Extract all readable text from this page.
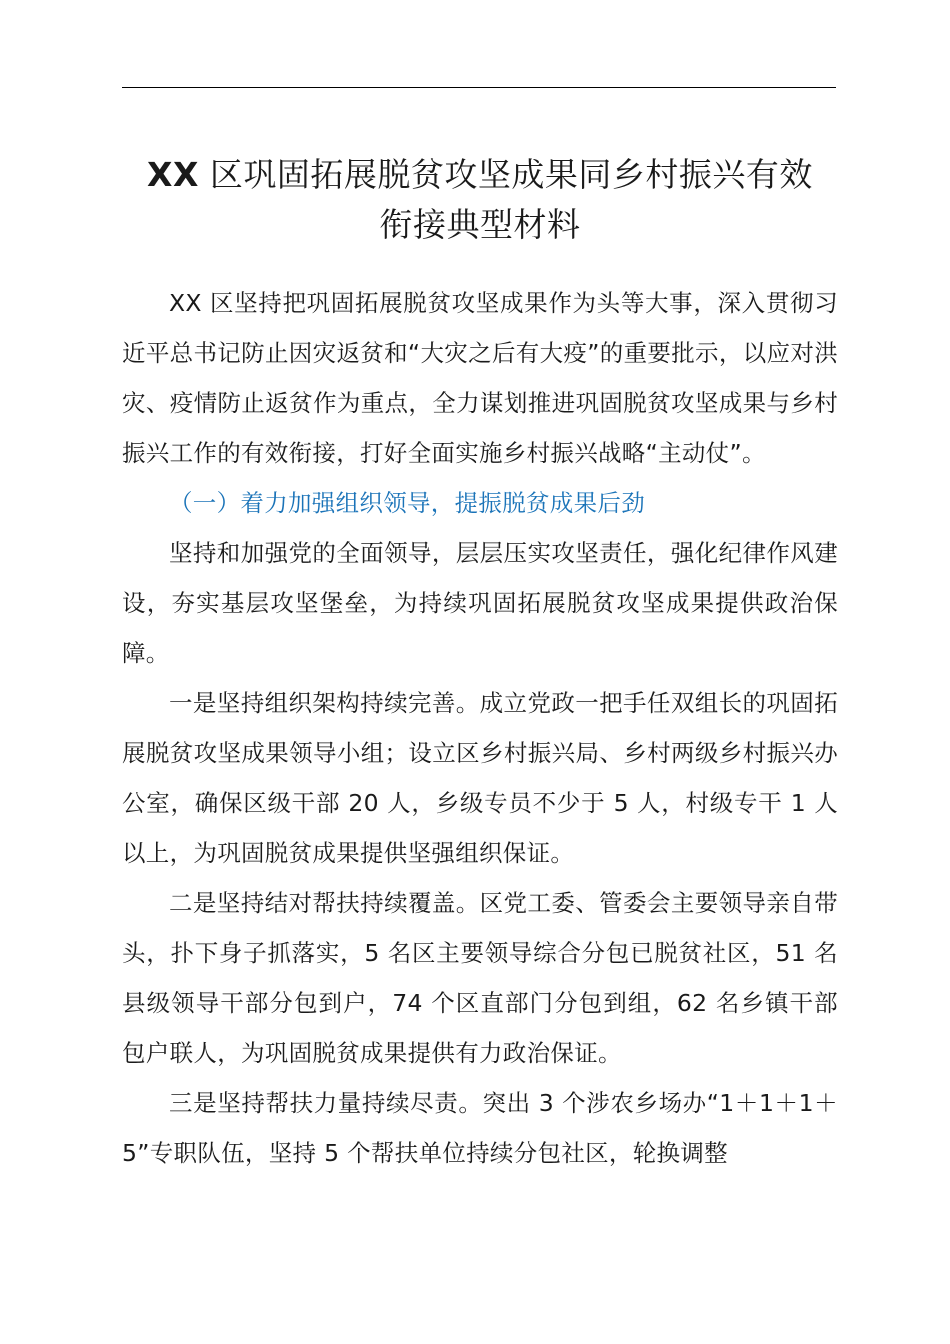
XX 区巩固拓展脱贫攻坚成果同乡村振兴有效
衔接典型材料

XX 区坚持把巩固拓展脱贫攻坚成果作为头等大事，深入贯彻习近平总书记防止因灾返贫和“大灾之后有大疫”的重要批示，以应对洪灾、疫情防止返贫作为重点，全力谋划推进巩固脱贫攻坚成果与乡村振兴工作的有效衔接，打好全面实施乡村振兴战略“主动仗”。

（一）着力加强组织领导，提振脱贫成果后劲

坚持和加强党的全面领导，层层压实攻坚责任，强化纪律作风建设，夯实基层攻坚堡垒，为持续巩固拓展脱贫攻坚成果提供政治保障。

一是坚持组织架构持续完善。成立党政一把手任双组长的巩固拓展脱贫攻坚成果领导小组；设立区乡村振兴局、乡村两级乡村振兴办公室，确保区级干部 20 人，乡级专员不少于 5 人，村级专干 1 人以上，为巩固脱贫成果提供坚强组织保证。

二是坚持结对帮扶持续覆盖。区党工委、管委会主要领导亲自带头，扑下身子抓落实，5 名区主要领导综合分包已脱贫社区，51 名县级领导干部分包到户，74 个区直部门分包到组，62 名乡镇干部包户联人，为巩固脱贫成果提供有力政治保证。

三是坚持帮扶力量持续尽责。突出 3 个涉农乡场办“1＋1＋1＋5”专职队伍，坚持 5 个帮扶单位持续分包社区，轮换调整
